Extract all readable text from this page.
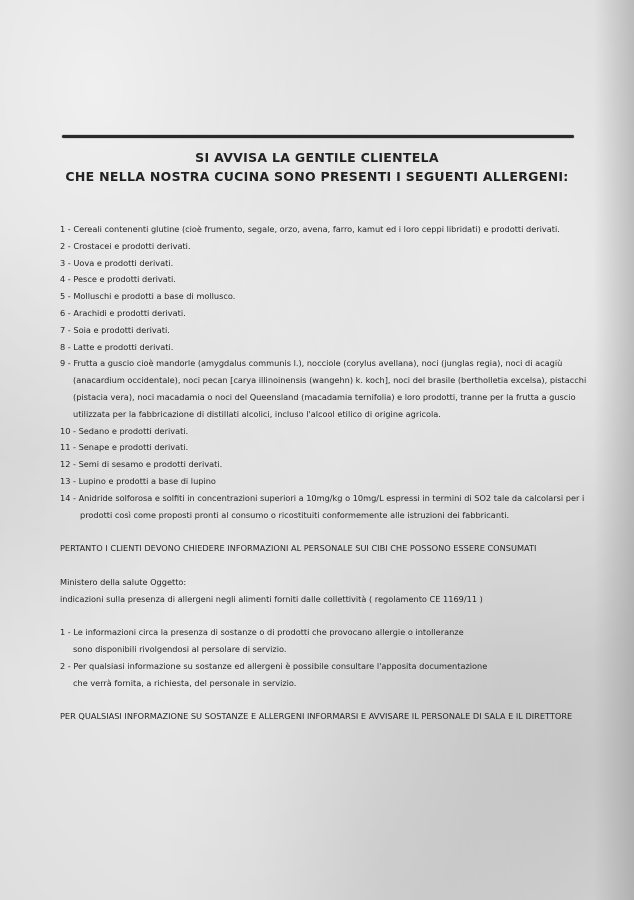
SI AVVISA LA GENTILE CLIENTELA
CHE NELLA NOSTRA CUCINA SONO PRESENTI I SEGUENTI ALLERGENI:
1 - Cereali contenenti glutine (cioè frumento, segale, orzo, avena, farro, kamut ed i loro ceppi libridati) e prodotti derivati.
2 - Crostacei e prodotti derivati.
3 - Uova e prodotti derivati.
4 - Pesce e prodotti derivati.
5 - Molluschi e prodotti a base di mollusco.
6 - Arachidi e prodotti derivati.
7 - Soia e prodotti derivati.
8 - Latte e prodotti derivati.
9 - Frutta a guscio cioè mandorle (amygdalus communis l.), nocciole (corylus avellana), noci (junglas regia), noci di acagiù
(anacardium occidentale), noci pecan [carya illinoinensis (wangehn) k. koch], noci del brasile (bertholletia excelsa), pistacchi
(pistacia vera), noci macadamia o noci del Queensland (macadamia ternifolia) e loro prodotti, tranne per la frutta a guscio
utilizzata per la fabbricazione di distillati alcolici, incluso l'alcool etilico di origine agricola.
10 - Sedano e prodotti derivati.
11 - Senape e prodotti derivati.
12 - Semi di sesamo e prodotti derivati.
13 - Lupino e prodotti a base di lupino
14 - Anidride solforosa e solfiti in concentrazioni superiori a 10mg/kg o 10mg/L espressi in termini di SO2 tale da calcolarsi per i
prodotti così come proposti pronti al consumo o ricostituiti conformemente alle istruzioni dei fabbricanti.
PERTANTO I CLIENTI DEVONO CHIEDERE INFORMAZIONI AL PERSONALE SUI CIBI CHE POSSONO ESSERE CONSUMATI
Ministero della salute Oggetto:
indicazioni sulla presenza di allergeni negli alimenti forniti dalle collettività ( regolamento CE 1169/11 )
1 - Le informazioni circa la presenza di sostanze o di prodotti che provocano allergie o intolleranze
sono disponibili rivolgendosi al persolare di servizio.
2 - Per qualsiasi informazione su sostanze ed allergeni è possibile consultare l'apposita documentazione
che verrà fornita, a richiesta, del personale in servizio.
PER QUALSIASI INFORMAZIONE SU SOSTANZE E ALLERGENI INFORMARSI E AVVISARE IL PERSONALE DI SALA E IL DIRETTORE
